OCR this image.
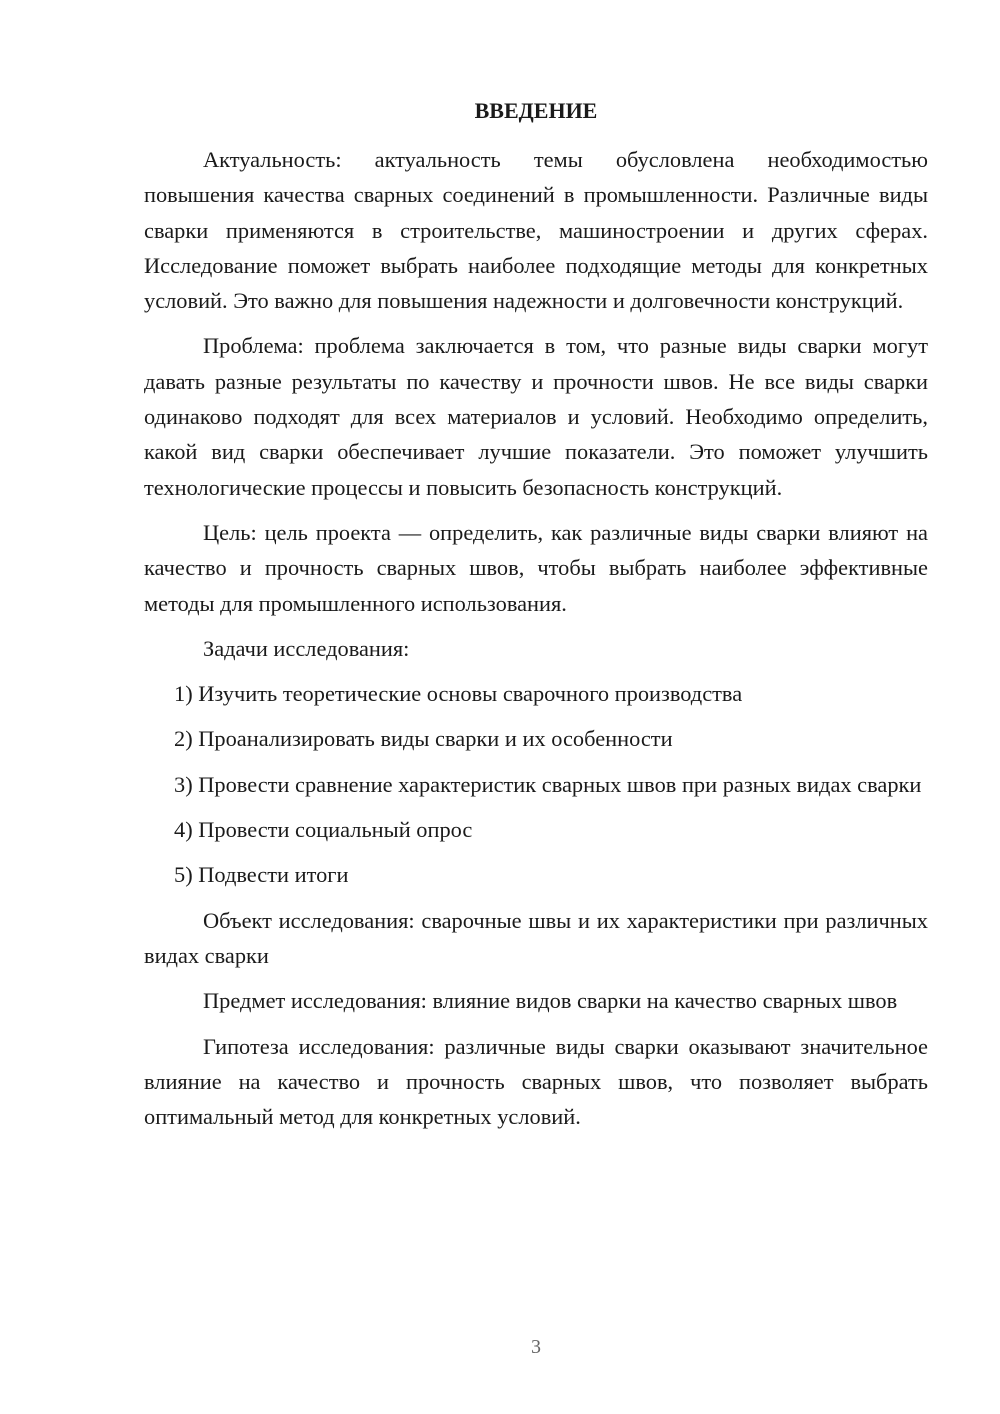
ВВЕДЕНИЕ

Актуальность: актуальность темы обусловлена необходимостью повышения качества сварных соединений в промышленности. Различные виды сварки применяются в строительстве, машиностроении и других сферах. Исследование поможет выбрать наиболее подходящие методы для конкретных условий. Это важно для повышения надежности и долговечности конструкций.

Проблема: проблема заключается в том, что разные виды сварки могут давать разные результаты по качеству и прочности швов. Не все виды сварки одинаково подходят для всех материалов и условий. Необходимо определить, какой вид сварки обеспечивает лучшие показатели. Это поможет улучшить технологические процессы и повысить безопасность конструкций.

Цель: цель проекта — определить, как различные виды сварки влияют на качество и прочность сварных швов, чтобы выбрать наиболее эффективные методы для промышленного использования.

Задачи исследования:

1) Изучить теоретические основы сварочного производства

2) Проанализировать виды сварки и их особенности

3) Провести сравнение характеристик сварных швов при разных видах сварки

4) Провести социальный опрос

5) Подвести итоги

Объект исследования: сварочные швы и их характеристики при различных видах сварки

Предмет исследования: влияние видов сварки на качество сварных швов

Гипотеза исследования: различные виды сварки оказывают значительное влияние на качество и прочность сварных швов, что позволяет выбрать оптимальный метод для конкретных условий.

3
